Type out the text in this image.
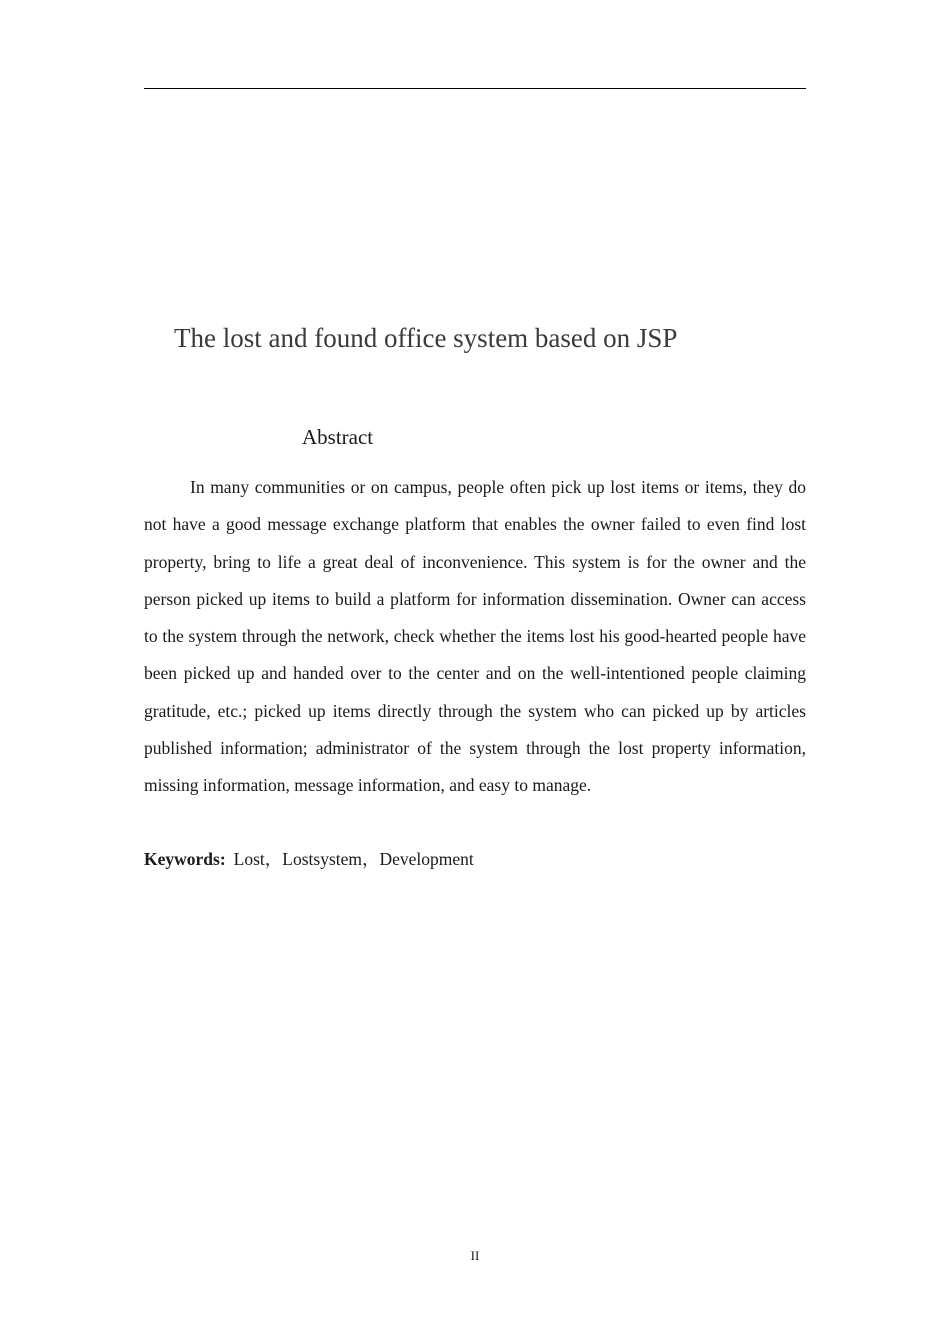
The lost and found office system based on JSP
Abstract

In many communities or on campus, people often pick up lost items or items, they do not have a good message exchange platform that enables the owner failed to even find lost property, bring to life a great deal of inconvenience. This system is for the owner and the person picked up items to build a platform for information dissemination. Owner can access to the system through the network, check whether the items lost his good-hearted people have been picked up and handed over to the center and on the well-intentioned people claiming gratitude, etc.; picked up items directly through the system who can picked up by articles published information; administrator of the system through the lost property information, missing information, message information, and easy to manage.

Keywords: Lost，Lostsystem，Development

II
